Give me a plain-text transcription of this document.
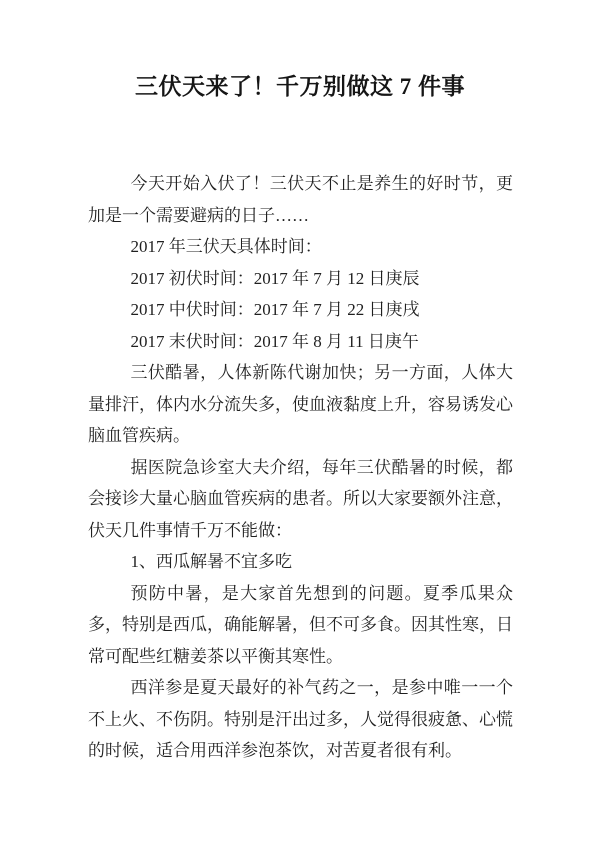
三伏天来了！千万别做这 7 件事

今天开始入伏了！三伏天不止是养生的好时节，更加是一个需要避病的日子……

2017 年三伏天具体时间：

2017 初伏时间：2017 年 7 月 12 日庚辰

2017 中伏时间：2017 年 7 月 22 日庚戌

2017 末伏时间：2017 年 8 月 11 日庚午

三伏酷暑，人体新陈代谢加快；另一方面，人体大量排汗，体内水分流失多，使血液黏度上升，容易诱发心脑血管疾病。

据医院急诊室大夫介绍，每年三伏酷暑的时候，都会接诊大量心脑血管疾病的患者。所以大家要额外注意，伏天几件事情千万不能做：

1、西瓜解暑不宜多吃

预防中暑，是大家首先想到的问题。夏季瓜果众多，特别是西瓜，确能解暑，但不可多食。因其性寒，日常可配些红糖姜茶以平衡其寒性。

西洋参是夏天最好的补气药之一，是参中唯一一个不上火、不伤阴。特别是汗出过多，人觉得很疲惫、心慌的时候，适合用西洋参泡茶饮，对苦夏者很有利。
